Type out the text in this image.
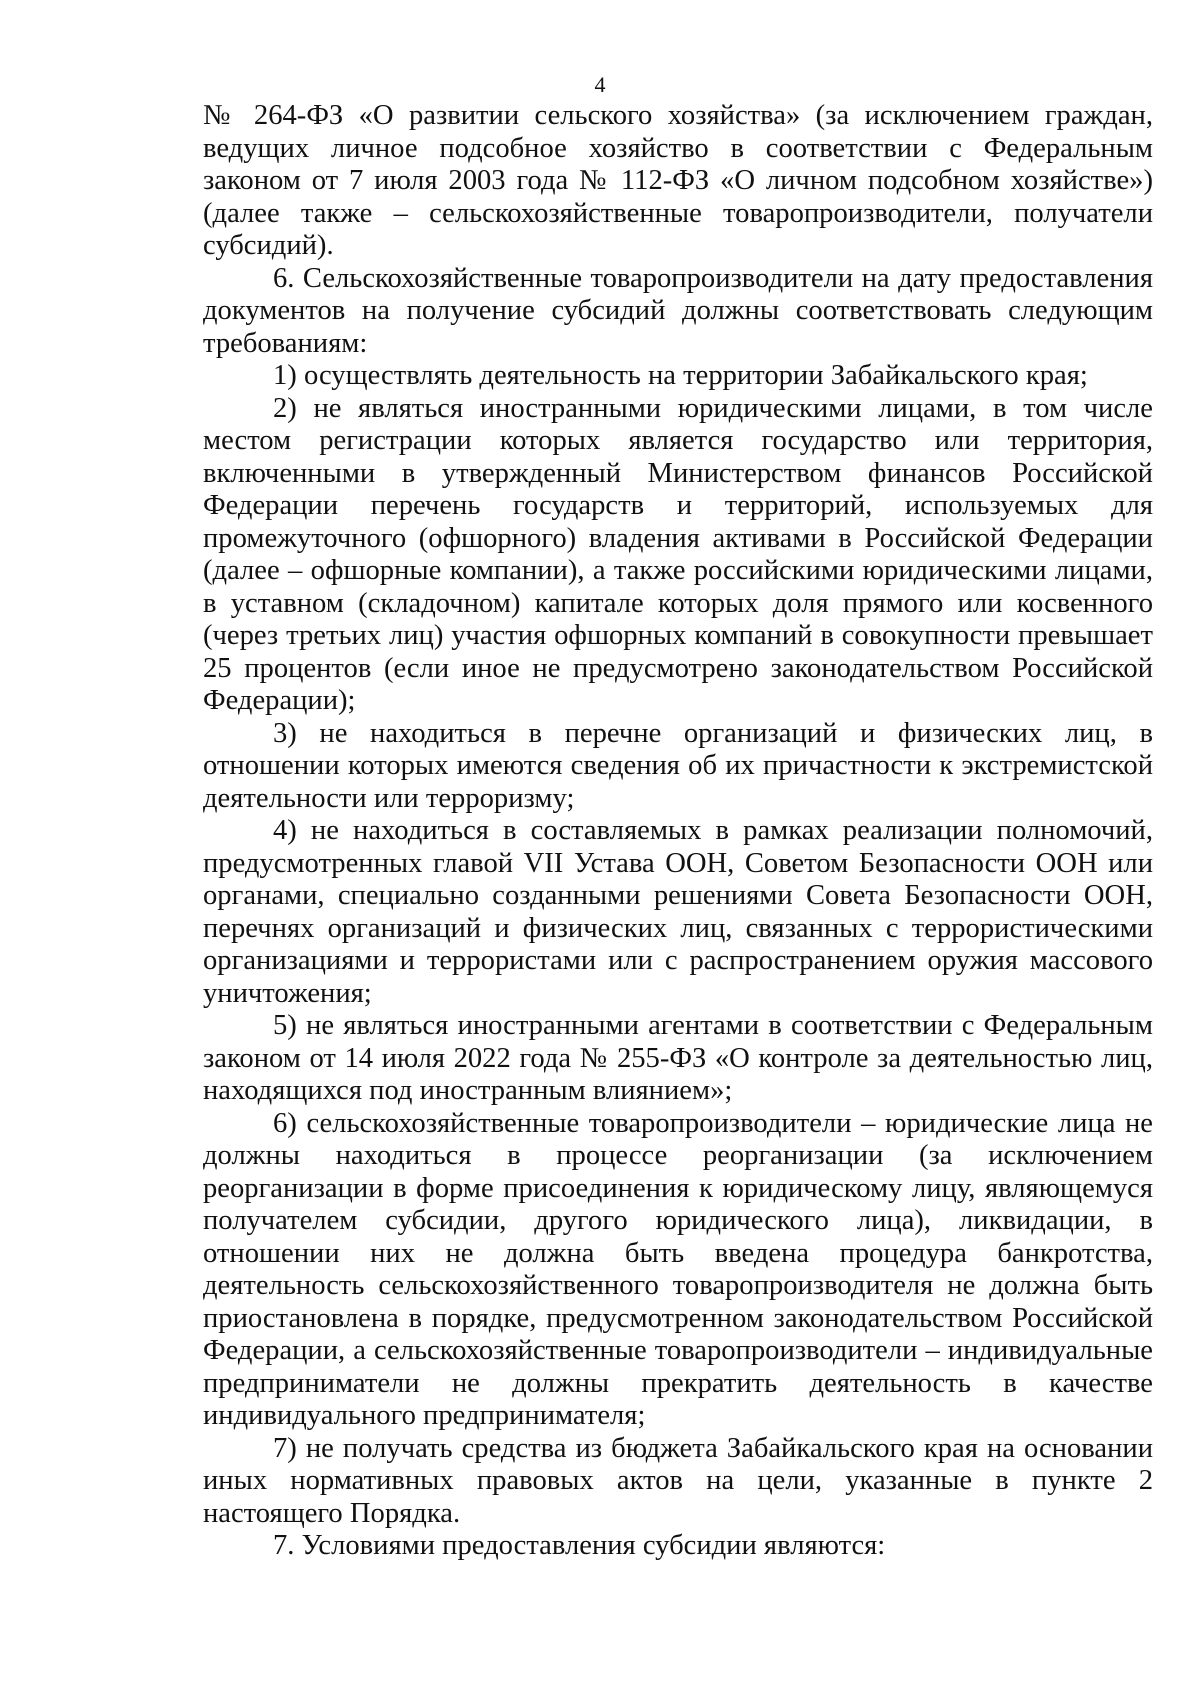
4

№ 264-ФЗ «О развитии сельского хозяйства» (за исключением граждан, ведущих личное подсобное хозяйство в соответствии с Федеральным законом от 7 июля 2003 года № 112-ФЗ «О личном подсобном хозяйстве») (далее также – сельскохозяйственные товаропроизводители, получатели субсидий).

6. Сельскохозяйственные товаропроизводители на дату предоставления документов на получение субсидий должны соответствовать следующим требованиям:

1) осуществлять деятельность на территории Забайкальского края;

2) не являться иностранными юридическими лицами, в том числе местом регистрации которых является государство или территория, включенными в утвержденный Министерством финансов Российской Федерации перечень государств и территорий, используемых для промежуточного (офшорного) владения активами в Российской Федерации (далее – офшорные компании), а также российскими юридическими лицами, в уставном (складочном) капитале которых доля прямого или косвенного (через третьих лиц) участия офшорных компаний в совокупности превышает 25 процентов (если иное не предусмотрено законодательством Российской Федерации);

3) не находиться в перечне организаций и физических лиц, в отношении которых имеются сведения об их причастности к экстремистской деятельности или терроризму;

4) не находиться в составляемых в рамках реализации полномочий, предусмотренных главой VII Устава ООН, Советом Безопасности ООН или органами, специально созданными решениями Совета Безопасности ООН, перечнях организаций и физических лиц, связанных с террористическими организациями и террористами или с распространением оружия массового уничтожения;

5) не являться иностранными агентами в соответствии с Федеральным законом от 14 июля 2022 года № 255-ФЗ «О контроле за деятельностью лиц, находящихся под иностранным влиянием»;

6) сельскохозяйственные товаропроизводители – юридические лица не должны находиться в процессе реорганизации (за исключением реорганизации в форме присоединения к юридическому лицу, являющемуся получателем субсидии, другого юридического лица), ликвидации, в отношении них не должна быть введена процедура банкротства, деятельность сельскохозяйственного товаропроизводителя не должна быть приостановлена в порядке, предусмотренном законодательством Российской Федерации, а сельскохозяйственные товаропроизводители – индивидуальные предприниматели не должны прекратить деятельность в качестве индивидуального предпринимателя;

7) не получать средства из бюджета Забайкальского края на основании иных нормативных правовых актов на цели, указанные в пункте 2 настоящего Порядка.

7. Условиями предоставления субсидии являются:
